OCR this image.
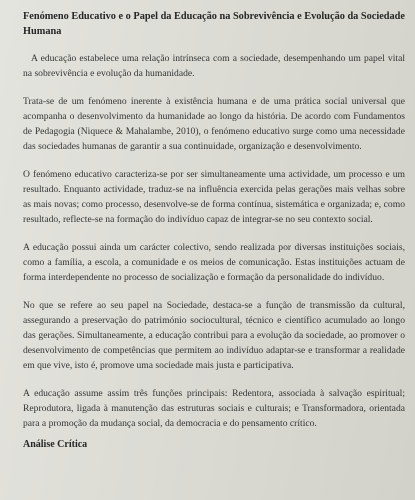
Fenómeno Educativo e o Papel da Educação na Sobrevivência e Evolução da Sociedade Humana

A educação estabelece uma relação intrínseca com a sociedade, desempenhando um papel vital na sobrevivência e evolução da humanidade.

Trata-se de um fenómeno inerente à existência humana e de uma prática social universal que acompanha o desenvolvimento da humanidade ao longo da história. De acordo com Fundamentos de Pedagogia (Niquece & Mahalambe, 2010), o fenómeno educativo surge como uma necessidade das sociedades humanas de garantir a sua continuidade, organização e desenvolvimento.

O fenómeno educativo caracteriza-se por ser simultaneamente uma actividade, um processo e um resultado. Enquanto actividade, traduz-se na influência exercida pelas gerações mais velhas sobre as mais novas; como processo, desenvolve-se de forma contínua, sistemática e organizada; e, como resultado, reflecte-se na formação do indivíduo capaz de integrar-se no seu contexto social.

A educação possui ainda um carácter colectivo, sendo realizada por diversas instituições sociais, como a família, a escola, a comunidade e os meios de comunicação. Estas instituições actuam de forma interdependente no processo de socialização e formação da personalidade do indivíduo.

No que se refere ao seu papel na Sociedade, destaca-se a função de transmissão da cultural, assegurando a preservação do património sociocultural, técnico e científico acumulado ao longo das gerações. Simultaneamente, a educação contribui para a evolução da sociedade, ao promover o desenvolvimento de competências que permitem ao indivíduo adaptar-se e transformar a realidade em que vive, isto é, promove uma sociedade mais justa e participativa.

A educação assume assim três funções principais: Redentora, associada à salvação espiritual; Reprodutora, ligada à manutenção das estruturas sociais e culturais; e Transformadora, orientada para a promoção da mudança social, da democracia e do pensamento crítico.

Análise Crítica
